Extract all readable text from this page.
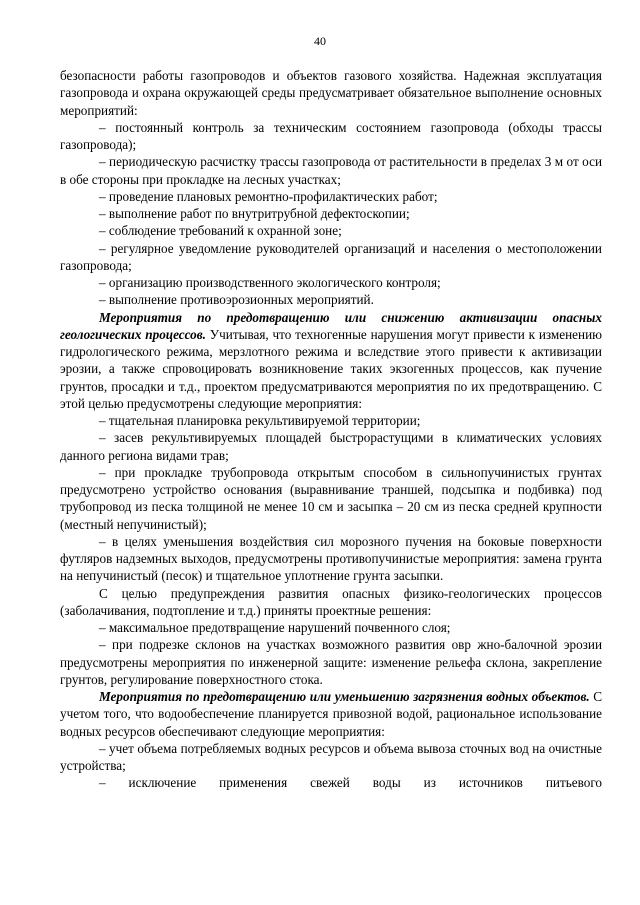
40

безопасности работы газопроводов и объектов газового хозяйства. Надежная эксплуатация газопровода и охрана окружающей среды предусматривает обязательное выполнение основных мероприятий:

– постоянный контроль за техническим состоянием газопровода (обходы трассы газопровода);

– периодическую расчистку трассы газопровода от растительности в пределах 3 м от оси в обе стороны при прокладке на лесных участках;

– проведение плановых ремонтно-профилактических работ;

– выполнение работ по внутритрубной дефектоскопии;

– соблюдение требований к охранной зоне;

– регулярное уведомление руководителей организаций и населения о местоположении газопровода;

– организацию производственного экологического контроля;

– выполнение противоэрозионных мероприятий.

Мероприятия по предотвращению или снижению активизации опасных геологических процессов. Учитывая, что техногенные нарушения могут привести к изменению гидрологического режима, мерзлотного режима и вследствие этого привести к активизации эрозии, а также спровоцировать возникновение таких экзогенных процессов, как пучение грунтов, просадки и т.д., проектом предусматриваются мероприятия по их предотвращению. С этой целью предусмотрены следующие мероприятия:

– тщательная планировка рекультивируемой территории;

– засев рекультивируемых площадей быстрорастущими в климатических условиях данного региона видами трав;

– при прокладке трубопровода открытым способом в сильнопучинистых грунтах предусмотрено устройство основания (выравнивание траншей, подсыпка и подбивка) под трубопровод из песка толщиной не менее 10 см и засыпка – 20 см из песка средней крупности (местный непучинистый);

– в целях уменьшения воздействия сил морозного пучения на боковые поверхности футляров надземных выходов, предусмотрены противопучинистые мероприятия: замена грунта на непучинистый (песок) и тщательное уплотнение грунта засыпки.

С целью предупреждения развития опасных физико-геологических процессов (заболачивания, подтопление и т.д.) приняты проектные решения:

– максимальное предотвращение нарушений почвенного слоя;

– при подрезке склонов на участках возможного развития овр жно-балочной эрозии предусмотрены мероприятия по инженерной защите: изменение рельефа склона, закрепление грунтов, регулирование поверхностного стока.

Мероприятия по предотвращению или уменьшению загрязнения водных объектов. С учетом того, что водообеспечение планируется привозной водой, рациональное использование водных ресурсов обеспечивают следующие мероприятия:

– учет объема потребляемых водных ресурсов и объема вывоза сточных вод на очистные устройства;

– исключение применения свежей воды из источников питьевого
